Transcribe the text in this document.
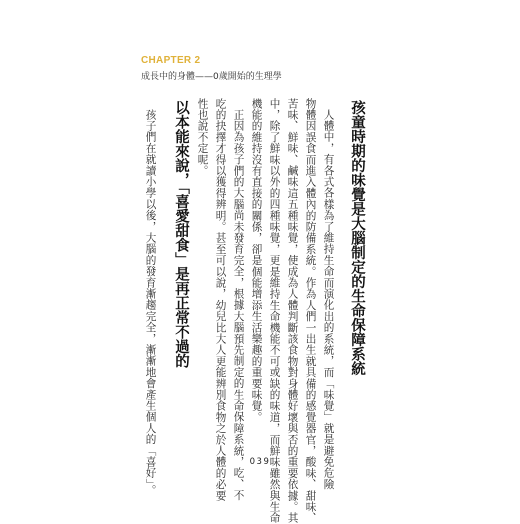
CHAPTER 2
成長中的身體——0歲開始的生理學
孩童時期的味覺是大腦制定的生命保障系統
人體中，有各式各樣為了維持生命而演化出的系統，而「味覺」就是避免危險
物體因誤食而進入體內的防備系統。作為人們一出生就具備的感覺器官，酸味、甜味、
苦味、鮮味、鹹味這五種味覺，使成為人體判斷該食物對身體好壞與否的重要依據。其
中，除了鮮味以外的四種味覺，更是維持生命機能不可或缺的味道，而鮮味雖然與生命
機能的維持沒有直接的關係，卻是個能增添生活樂趣的重要味覺。
正因為孩子們的大腦尚未發育完全，根據大腦預先制定的生命保障系統，吃、不
吃的抉擇才得以獲得辨明。甚至可以說，幼兒比大人更能辨別食物之於人體的必要
性也說不定呢。
以本能來說，「喜愛甜食」是再正常不過的
孩子們在就讀小學以後，大腦的發育漸趨完全，漸漸地會產生個人的「喜好」。	039
